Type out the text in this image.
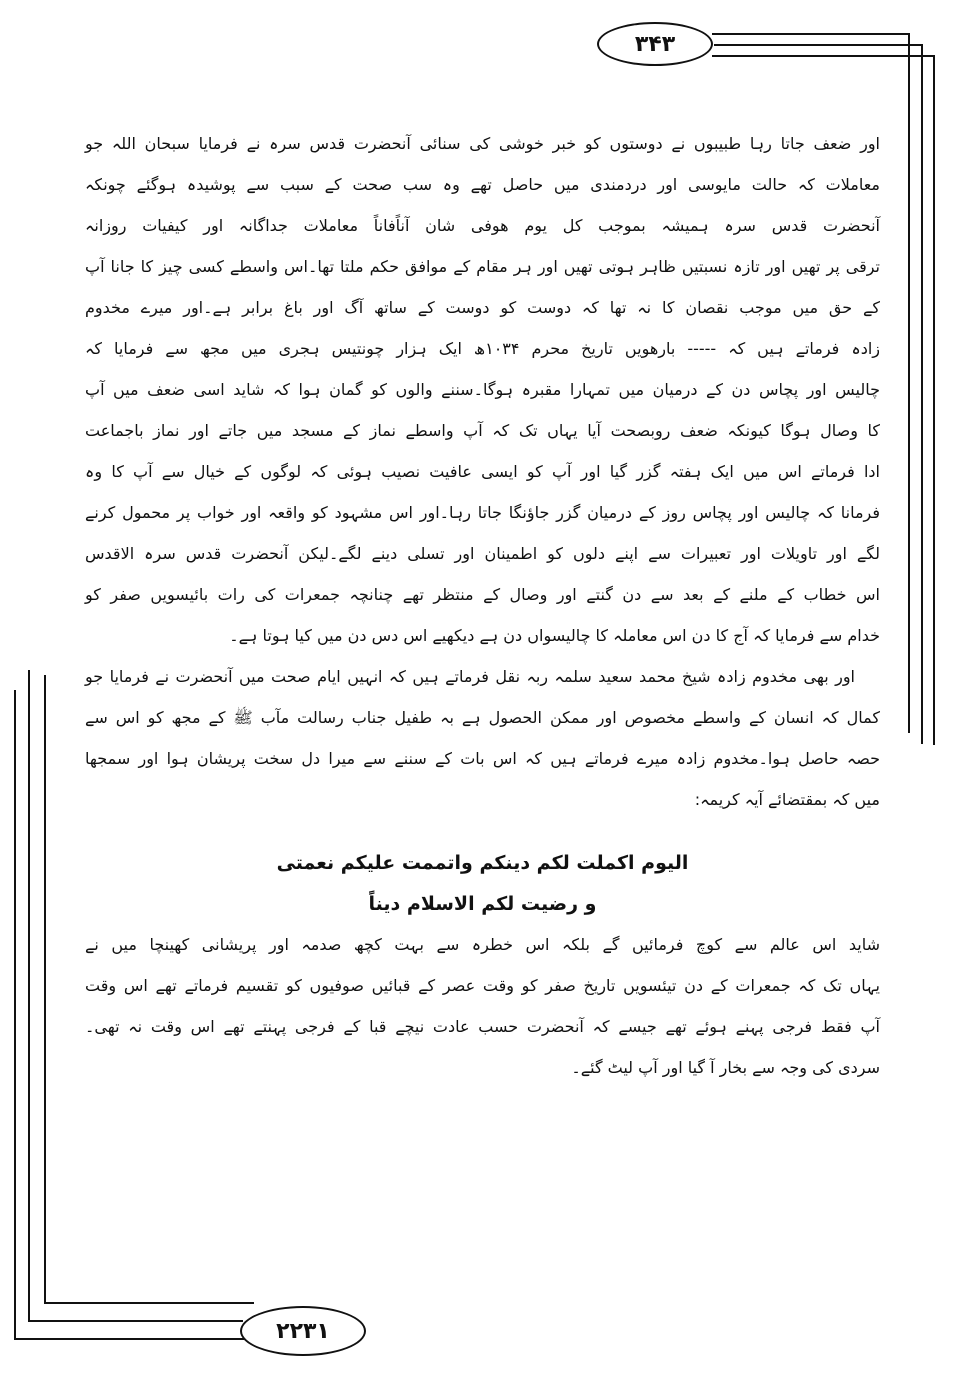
۳۴۳
۲۲۳۱
اور ضعف جاتا رہا طبیبوں نے دوستوں کو خبر خوشی کی سنائی آنحضرت قدس سرہ نے فرمایا سبحان اللہ جو
معاملات کہ حالت مایوسی اور دردمندی میں حاصل تھے وہ سب صحت کے سبب سے پوشیدہ ہوگئے چونکہ
آنحضرت قدس سرہ ہمیشہ بموجب کل یوم ھوفی شان آناًفاناً معاملات جداگانہ اور کیفیات روزانہ
ترقی پر تھیں اور تازہ نسبتیں ظاہر ہوتی تھیں اور ہر مقام کے موافق حکم ملتا تھا۔اس واسطے کسی چیز کا جانا آپ
کے حق میں موجب نقصان کا نہ تھا کہ دوست کو دوست کے ساتھ آگ اور باغ برابر ہے۔اور میرے مخدوم
زادہ فرماتے ہیں کہ ----- بارھویں تاریخ محرم ۱۰۳۴ھ ایک ہزار چونتیس ہجری میں مجھ سے فرمایا کہ
چالیس اور پچاس دن کے درمیان میں تمہارا مقبرہ ہوگا۔سننے والوں کو گمان ہوا کہ شاید اسی ضعف میں آپ
کا وصال ہوگا کیونکہ ضعف روبصحت آیا یہاں تک کہ آپ واسطے نماز کے مسجد میں جاتے اور نماز باجماعت
ادا فرماتے اس میں ایک ہفتہ گزر گیا اور آپ کو ایسی عافیت نصیب ہوئی کہ لوگوں کے خیال سے آپ کا وہ
فرمانا کہ چالیس اور پچاس روز کے درمیان گزر جاؤنگا جاتا رہا۔اور اس مشہود کو واقعہ اور خواب پر محمول کرنے
لگے اور تاویلات اور تعبیرات سے اپنے دلوں کو اطمینان اور تسلی دینے لگے۔لیکن آنحضرت قدس سرہ الاقدس
اس خطاب کے ملنے کے بعد سے دن گنتے اور وصال کے منتظر تھے چنانچہ جمعرات کی رات بائیسویں صفر کو
خدام سے فرمایا کہ آج کا دن اس معاملہ کا چالیسواں دن ہے دیکھیے اس دس دن میں کیا ہوتا ہے۔
اور بھی مخدوم زادہ شیخ محمد سعید سلمہ ربہ نقل فرماتے ہیں کہ انہیں ایام صحت میں آنحضرت نے فرمایا جو
کمال کہ انسان کے واسطے مخصوص اور ممکن الحصول ہے بہ طفیل جناب رسالت مآب ﷺ کے مجھ کو اس سے
حصہ حاصل ہوا۔مخدوم زادہ میرے فرماتے ہیں کہ اس بات کے سننے سے میرا دل سخت پریشان ہوا اور سمجھا
میں کہ بمقتضائے آیہ کریمہ:
الیوم اکملت لکم دینکم واتممت علیکم نعمتی
و رضیت لکم الاسلام دیناً
شاید اس عالم سے کوچ فرمائیں گے بلکہ اس خطرہ سے بہت کچھ صدمہ اور پریشانی کھینچا میں نے
یہاں تک کہ جمعرات کے دن تیئسویں تاریخ صفر کو وقت عصر کے قبائیں صوفیوں کو تقسیم فرماتے تھے اس وقت
آپ فقط فرجی پہنے ہوئے تھے جیسے کہ آنحضرت حسب عادت نیچے قبا کے فرجی پہنتے تھے اس وقت نہ تھی۔
سردی کی وجہ سے بخار آ گیا اور آپ لیٹ گئے۔
